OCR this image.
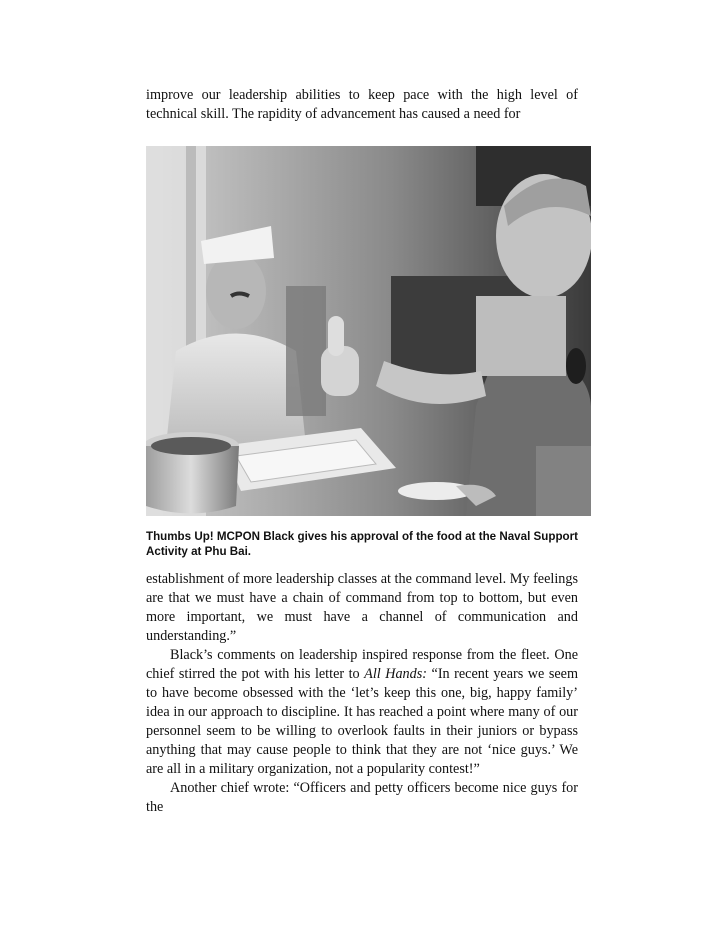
improve our leadership abilities to keep pace with the high level of technical skill. The rapidity of advancement has caused a need for

Thumbs Up! MCPON Black gives his approval of the food at the Naval Support Activity at Phu Bai.

establishment of more leadership classes at the command level. My feelings are that we must have a chain of command from top to bottom, but even more important, we must have a channel of communication and understanding.”

Black’s comments on leadership inspired response from the fleet. One chief stirred the pot with his letter to All Hands: “In recent years we seem to have become obsessed with the ‘let’s keep this one, big, happy family’ idea in our approach to discipline. It has reached a point where many of our personnel seem to be willing to overlook faults in their juniors or bypass anything that may cause people to think that they are not ‘nice guys.’ We are all in a military organization, not a popularity contest!”

Another chief wrote: “Officers and petty officers become nice guys for the
